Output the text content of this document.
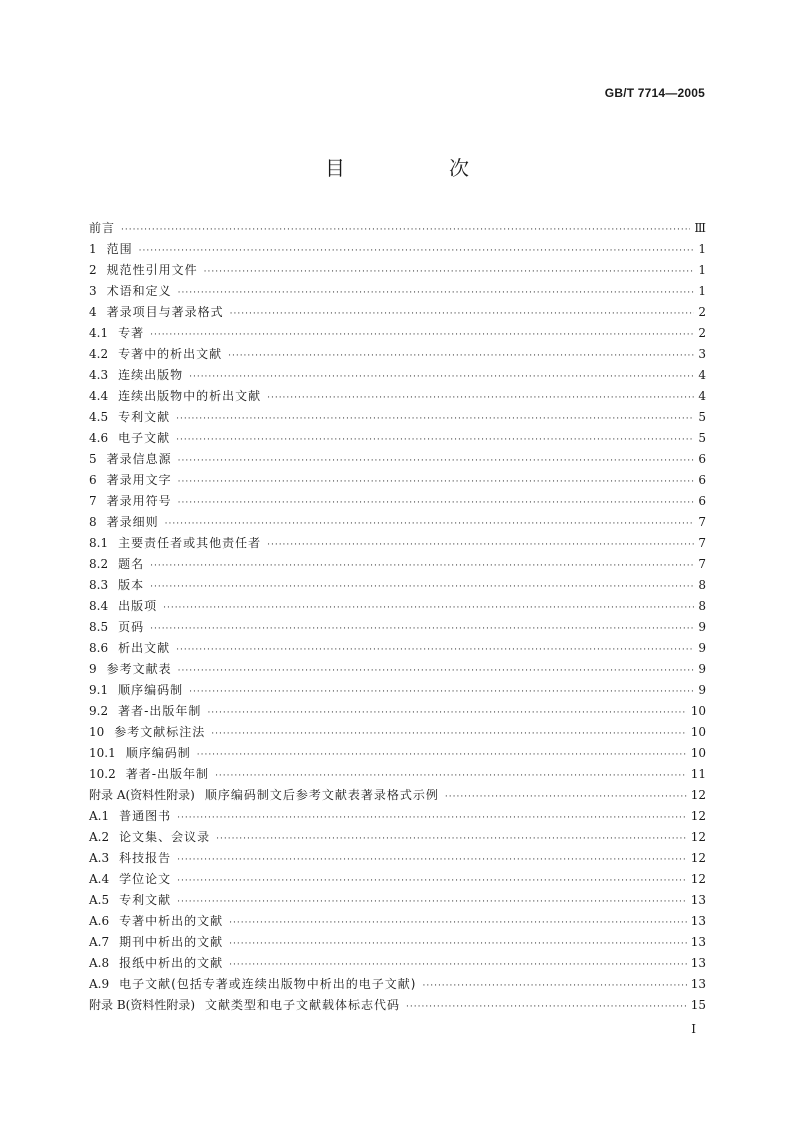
GB/T 7714—2005
目　次
前言 ·····	Ⅲ
1 范围 ·····	1
2 规范性引用文件 ·····	1
3 术语和定义 ·····	1
4 著录项目与著录格式 ·····	2
4.1 专著 ·····	2
4.2 专著中的析出文献 ·····	3
4.3 连续出版物 ·····	4
4.4 连续出版物中的析出文献 ·····	4
4.5 专利文献 ·····	5
4.6 电子文献 ·····	5
5 著录信息源 ·····	6
6 著录用文字 ·····	6
7 著录用符号 ·····	6
8 著录细则 ·····	7
8.1 主要责任者或其他责任者 ·····	7
8.2 题名 ·····	7
8.3 版本 ·····	8
8.4 出版项 ·····	8
8.5 页码 ·····	9
8.6 析出文献 ·····	9
9 参考文献表 ·····	9
9.1 顺序编码制 ·····	9
9.2 著者-出版年制 ·····	10
10 参考文献标注法 ·····	10
10.1 顺序编码制 ·····	10
10.2 著者-出版年制 ·····	11
附录 A(资料性附录) 顺序编码制文后参考文献表著录格式示例 ·····	12
A.1 普通图书 ·····	12
A.2 论文集、会议录 ·····	12
A.3 科技报告 ·····	12
A.4 学位论文 ·····	12
A.5 专利文献 ·····	13
A.6 专著中析出的文献 ·····	13
A.7 期刊中析出的文献 ·····	13
A.8 报纸中析出的文献 ·····	13
A.9 电子文献(包括专著或连续出版物中析出的电子文献) ·····	13
附录 B(资料性附录) 文献类型和电子文献载体标志代码 ·····	15
I
